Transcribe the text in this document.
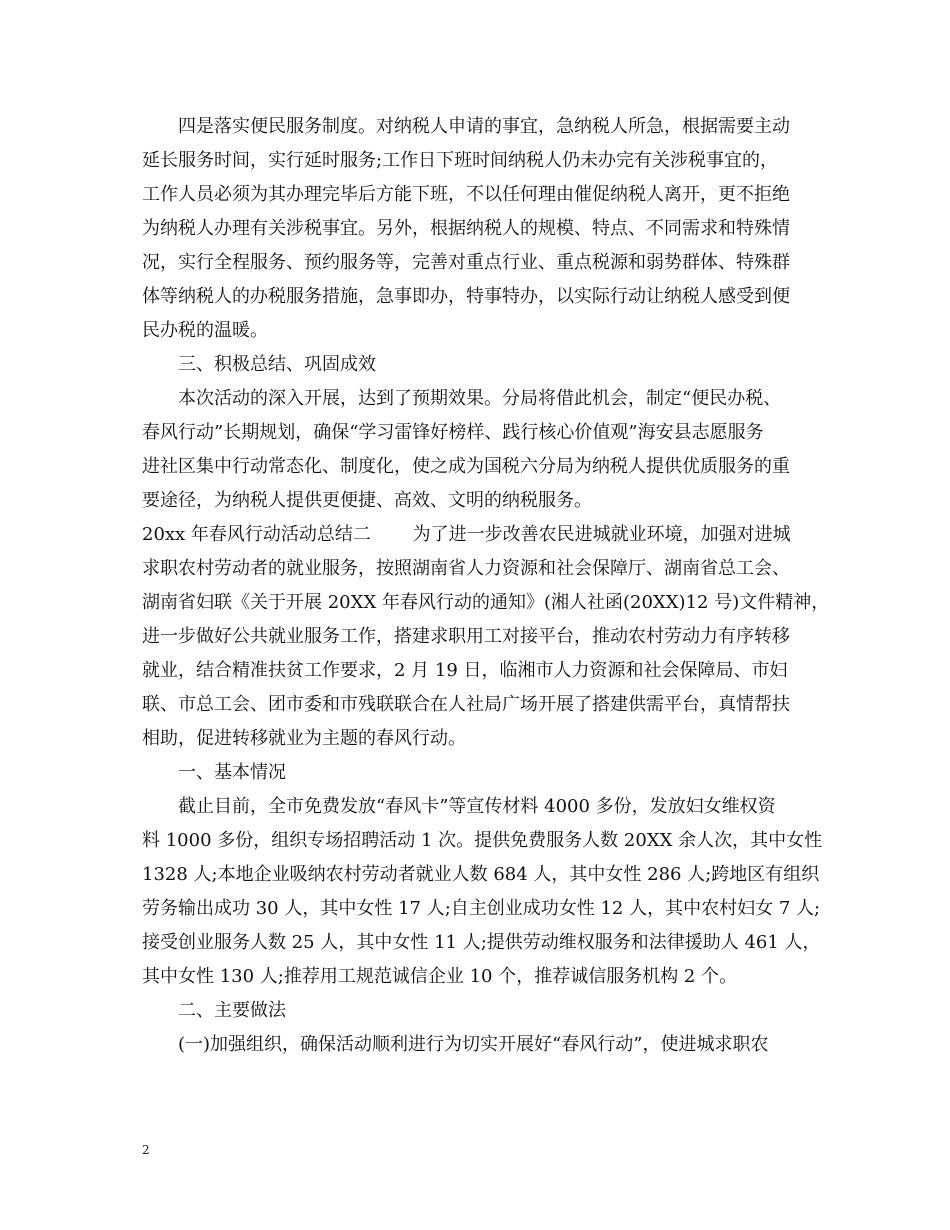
四是落实便民服务制度。对纳税人申请的事宜，急纳税人所急，根据需要主动
延长服务时间，实行延时服务;工作日下班时间纳税人仍未办完有关涉税事宜的，
工作人员必须为其办理完毕后方能下班，不以任何理由催促纳税人离开，更不拒绝
为纳税人办理有关涉税事宜。另外，根据纳税人的规模、特点、不同需求和特殊情
况，实行全程服务、预约服务等，完善对重点行业、重点税源和弱势群体、特殊群
体等纳税人的办税服务措施，急事即办，特事特办，以实际行动让纳税人感受到便
民办税的温暖。

三、积极总结、巩固成效

本次活动的深入开展，达到了预期效果。分局将借此机会，制定“便民办税、
春风行动”长期规划，确保“学习雷锋好榜样、践行核心价值观”海安县志愿服务
进社区集中行动常态化、制度化，使之成为国税六分局为纳税人提供优质服务的重
要途径，为纳税人提供更便捷、高效、文明的纳税服务。

20xx 年春风行动活动总结二　　 为了进一步改善农民进城就业环境，加强对进城
求职农村劳动者的就业服务，按照湖南省人力资源和社会保障厅、湖南省总工会、
湖南省妇联《关于开展 20XX 年春风行动的通知》(湘人社函(20XX)12 号)文件精神，
进一步做好公共就业服务工作，搭建求职用工对接平台，推动农村劳动力有序转移
就业，结合精准扶贫工作要求，2 月 19 日，临湘市人力资源和社会保障局、市妇
联、市总工会、团市委和市残联联合在人社局广场开展了搭建供需平台，真情帮扶
相助，促进转移就业为主题的春风行动。

一、基本情况

截止目前，全市免费发放“春风卡”等宣传材料 4000 多份，发放妇女维权资
料 1000 多份，组织专场招聘活动 1 次。提供免费服务人数 20XX 余人次，其中女性
1328 人;本地企业吸纳农村劳动者就业人数 684 人，其中女性 286 人;跨地区有组织
劳务输出成功 30 人，其中女性 17 人;自主创业成功女性 12 人，其中农村妇女 7 人;
接受创业服务人数 25 人，其中女性 11 人;提供劳动维权服务和法律援助人 461 人，
其中女性 130 人;推荐用工规范诚信企业 10 个，推荐诚信服务机构 2 个。

二、主要做法

(一)加强组织，确保活动顺利进行为切实开展好“春风行动”，使进城求职农

2
